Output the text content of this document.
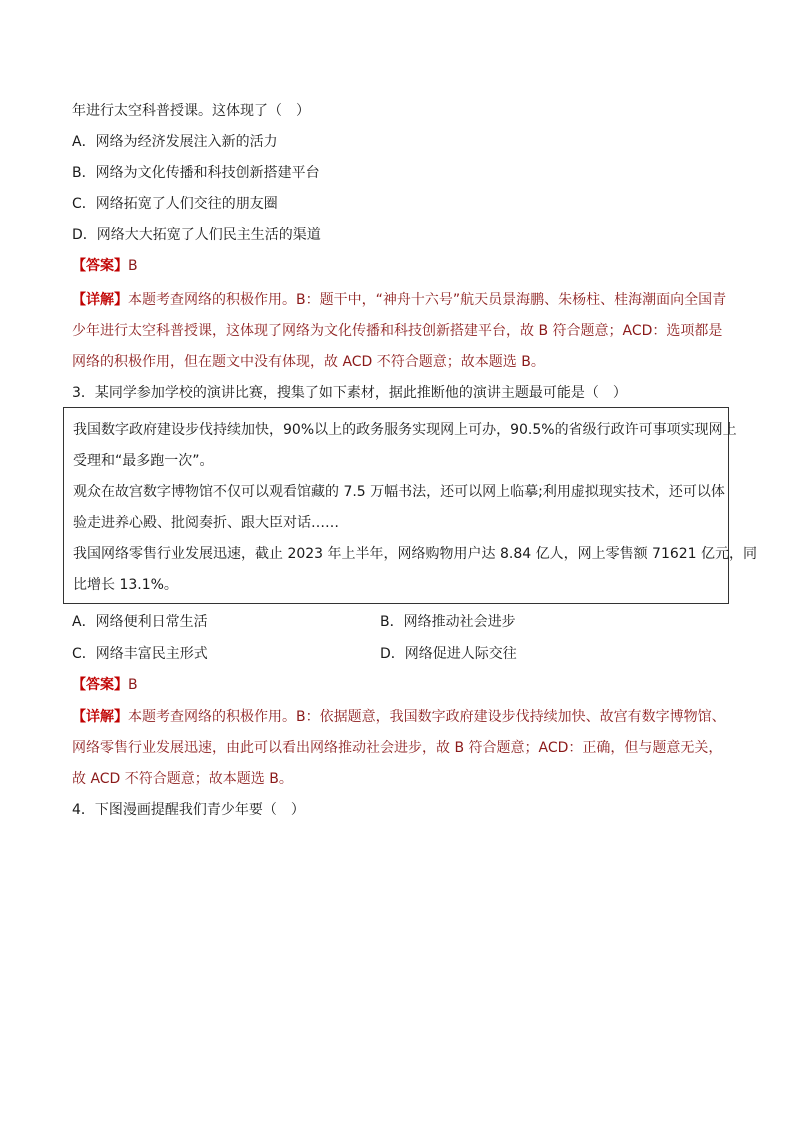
年进行太空科普授课。这体现了（　）
A．网络为经济发展注入新的活力
B．网络为文化传播和科技创新搭建平台
C．网络拓宽了人们交往的朋友圈
D．网络大大拓宽了人们民主生活的渠道
【答案】B
【详解】本题考查网络的积极作用。B：题干中，“神舟十六号”航天员景海鹏、朱杨柱、桂海潮面向全国青
少年进行太空科普授课，这体现了网络为文化传播和科技创新搭建平台，故 B 符合题意；ACD：选项都是
网络的积极作用，但在题文中没有体现，故 ACD 不符合题意；故本题选 B。
3．某同学参加学校的演讲比赛，搜集了如下素材，据此推断他的演讲主题最可能是（　）
我国数字政府建设步伐持续加快，90%以上的政务服务实现网上可办，90.5%的省级行政许可事项实现网上
受理和“最多跑一次”。
观众在故宫数字博物馆不仅可以观看馆藏的 7.5 万幅书法，还可以网上临摹;利用虚拟现实技术，还可以体
验走进养心殿、批阅奏折、跟大臣对话……
我国网络零售行业发展迅速，截止 2023 年上半年，网络购物用户达 8.84 亿人，网上零售额 71621 亿元，同
比增长 13.1%。
A．网络便利日常生活	B．网络推动社会进步
C．网络丰富民主形式	D．网络促进人际交往
【答案】B
【详解】本题考查网络的积极作用。B：依据题意，我国数字政府建设步伐持续加快、故宫有数字博物馆、
网络零售行业发展迅速，由此可以看出网络推动社会进步，故 B 符合题意；ACD：正确，但与题意无关，
故 ACD 不符合题意；故本题选 B。
4．下图漫画提醒我们青少年要（　）
